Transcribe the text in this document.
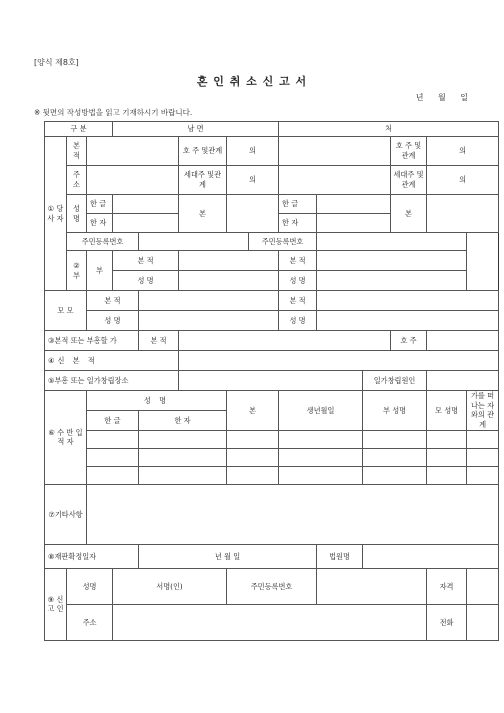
[양식 제8호]
혼 인 취 소 신 고 서
년 월 일
※ 뒷면의 작성방법을 읽고 기재하시기 바랍니다.
구 분			남 면					처					
① 당 사 자	본 적				호 주 및관계	의					호 주 및관계	의	
	주 소				세대주 및관계	의					세대주 및관계	의	
	성 명	한 글			본			한 글			본		
		한 자						한 자					
	주민등록번호						주민등록번호						
	② 부	부	본 적					본 적					
			성 명					성 명					
모 모		본 적						본 적					
		성 명						성 명					
③본적 또는 부흥할 가				본 적							호 주		
④신 본 적													
⑤부흥 또는 일가창립장소										일가창립원인			
⑥ 수 반 입 적 자		성 명				본		생년월일		부 성명		모 성명	가를 떠나는 자와의 관계
		한 글		한 자									

⑦기타사항													
⑧재판확정일자				년 월 일					법원명				
⑨ 신 고 인	성명		서명(인)			주민등록번호						자격	
	주소											전화	
